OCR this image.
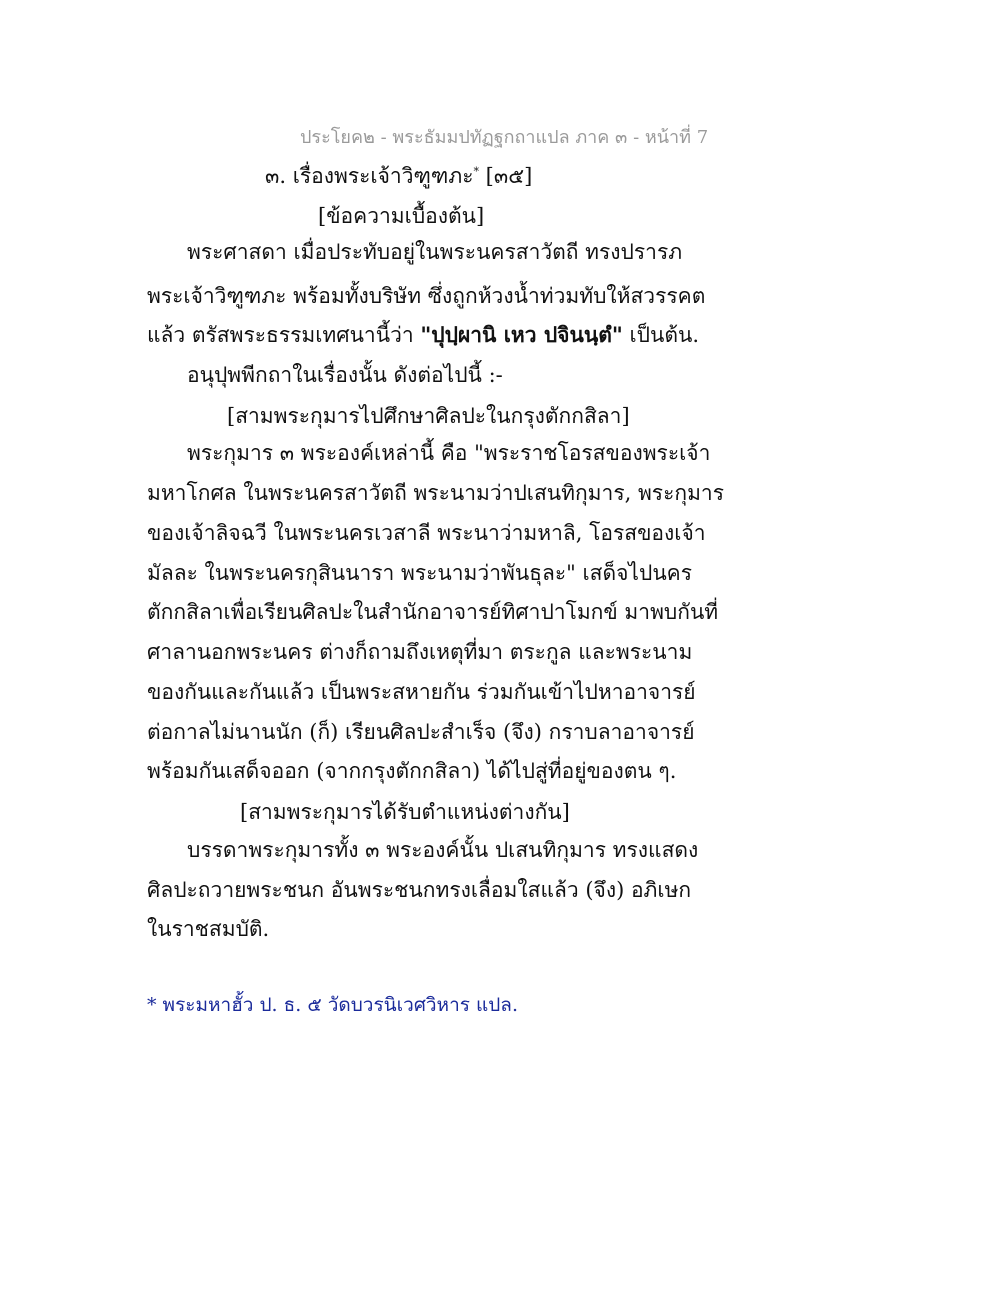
ประโยค๒ - พระธัมมปทัฏฐกถาแปล ภาค ๓ - หน้าที่ 7
๓. เรื่องพระเจ้าวิฑูฑภะ* [๓๕]
[ข้อความเบื้องต้น]
พระศาสดา เมื่อประทับอยู่ในพระนครสาวัตถี ทรงปรารภ
พระเจ้าวิฑูฑภะ พร้อมทั้งบริษัท ซึ่งถูกห้วงน้ำท่วมทับให้สวรรคต
แล้ว ตรัสพระธรรมเทศนานี้ว่า "ปุปฺผานิ เหว ปจินนฺตํ" เป็นต้น.
อนุปุพพีกถาในเรื่องนั้น ดังต่อไปนี้ :-
[สามพระกุมารไปศึกษาศิลปะในกรุงตักกสิลา]
พระกุมาร ๓ พระองค์เหล่านี้ คือ "พระราชโอรสของพระเจ้า
มหาโกศล ในพระนครสาวัตถี พระนามว่าปเสนทิกุมาร, พระกุมาร
ของเจ้าลิจฉวี ในพระนครเวสาลี พระนาว่ามหาลิ, โอรสของเจ้า
มัลละ ในพระนครกุสินนารา พระนามว่าพันธุละ" เสด็จไปนคร
ตักกสิลาเพื่อเรียนศิลปะในสำนักอาจารย์ทิศาปาโมกข์ มาพบกันที่
ศาลานอกพระนคร ต่างก็ถามถึงเหตุที่มา ตระกูล และพระนาม
ของกันและกันแล้ว เป็นพระสหายกัน ร่วมกันเข้าไปหาอาจารย์
ต่อกาลไม่นานนัก (ก็) เรียนศิลปะสำเร็จ (จึง) กราบลาอาจารย์
พร้อมกันเสด็จออก (จากกรุงตักกสิลา) ได้ไปสู่ที่อยู่ของตน ๆ.
[สามพระกุมารได้รับตำแหน่งต่างกัน]
บรรดาพระกุมารทั้ง ๓ พระองค์นั้น ปเสนทิกุมาร ทรงแสดง
ศิลปะถวายพระชนก อันพระชนกทรงเลื่อมใสแล้ว (จึง) อภิเษก
ในราชสมบัติ.
* พระมหาฮั้ว ป. ธ. ๕ วัดบวรนิเวศวิหาร แปล.
